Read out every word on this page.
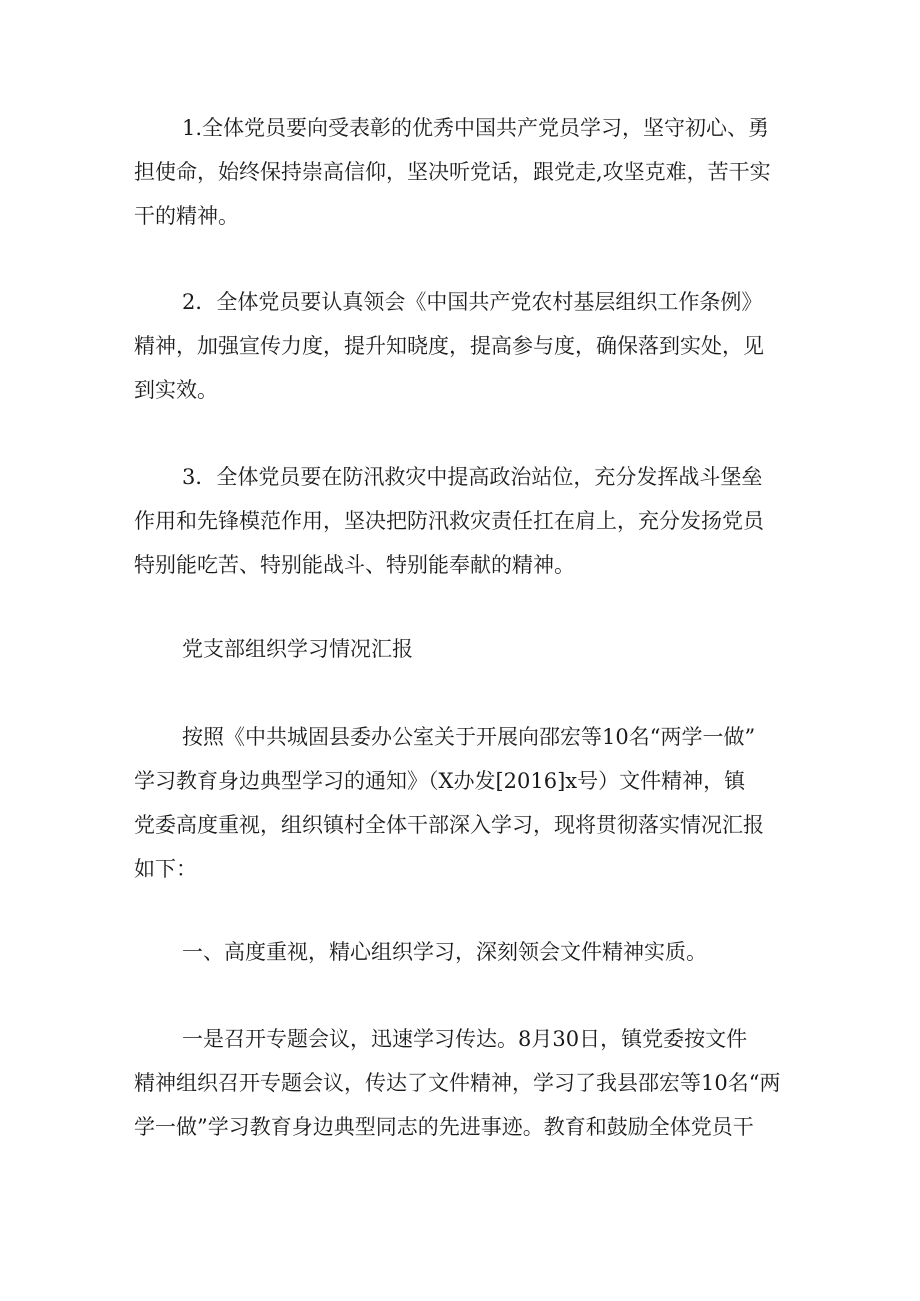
1.全体党员要向受表彰的优秀中国共产党员学习，坚守初心、勇
担使命，始终保持崇高信仰，坚决听党话，跟党走,攻坚克难，苦干实
干的精神。
2．全体党员要认真领会《中国共产党农村基层组织工作条例》
精神，加强宣传力度，提升知晓度，提高参与度，确保落到实处，见
到实效。
3．全体党员要在防汛救灾中提高政治站位，充分发挥战斗堡垒
作用和先锋模范作用，坚决把防汛救灾责任扛在肩上，充分发扬党员
特别能吃苦、特别能战斗、特别能奉献的精神。
党支部组织学习情况汇报
按照《中共城固县委办公室关于开展向邵宏等10名“两学一做”
学习教育身边典型学习的通知》（X办发[2016]x号）文件精神，镇
党委高度重视，组织镇村全体干部深入学习，现将贯彻落实情况汇报
如下：
一、高度重视，精心组织学习，深刻领会文件精神实质。
一是召开专题会议，迅速学习传达。8月30日，镇党委按文件
精神组织召开专题会议，传达了文件精神，学习了我县邵宏等10名“两
学一做”学习教育身边典型同志的先进事迹。教育和鼓励全体党员干
